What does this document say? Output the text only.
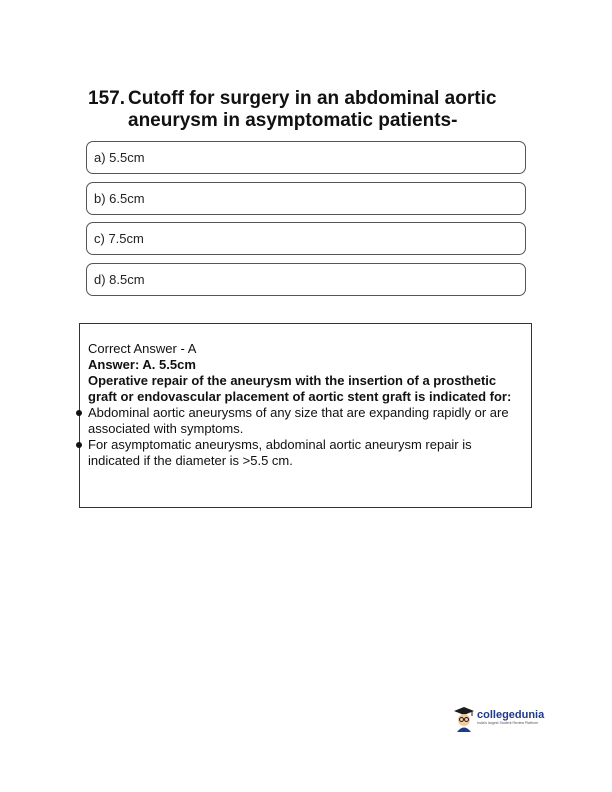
157. Cutoff for surgery in an abdominal aortic
aneurysm in asymptomatic patients-
a) 5.5cm
b) 6.5cm
c) 7.5cm
d) 8.5cm
Correct Answer - A
Answer: A. 5.5cm
Operative repair of the aneurysm with the insertion of a prosthetic graft or endovascular placement of aortic stent graft is indicated for:
Abdominal aortic aneurysms of any size that are expanding rapidly or are associated with symptoms.
For asymptomatic aneurysms, abdominal aortic aneurysm repair is indicated if the diameter is >5.5 cm.
collegedunia
India's largest Student Review Platform
